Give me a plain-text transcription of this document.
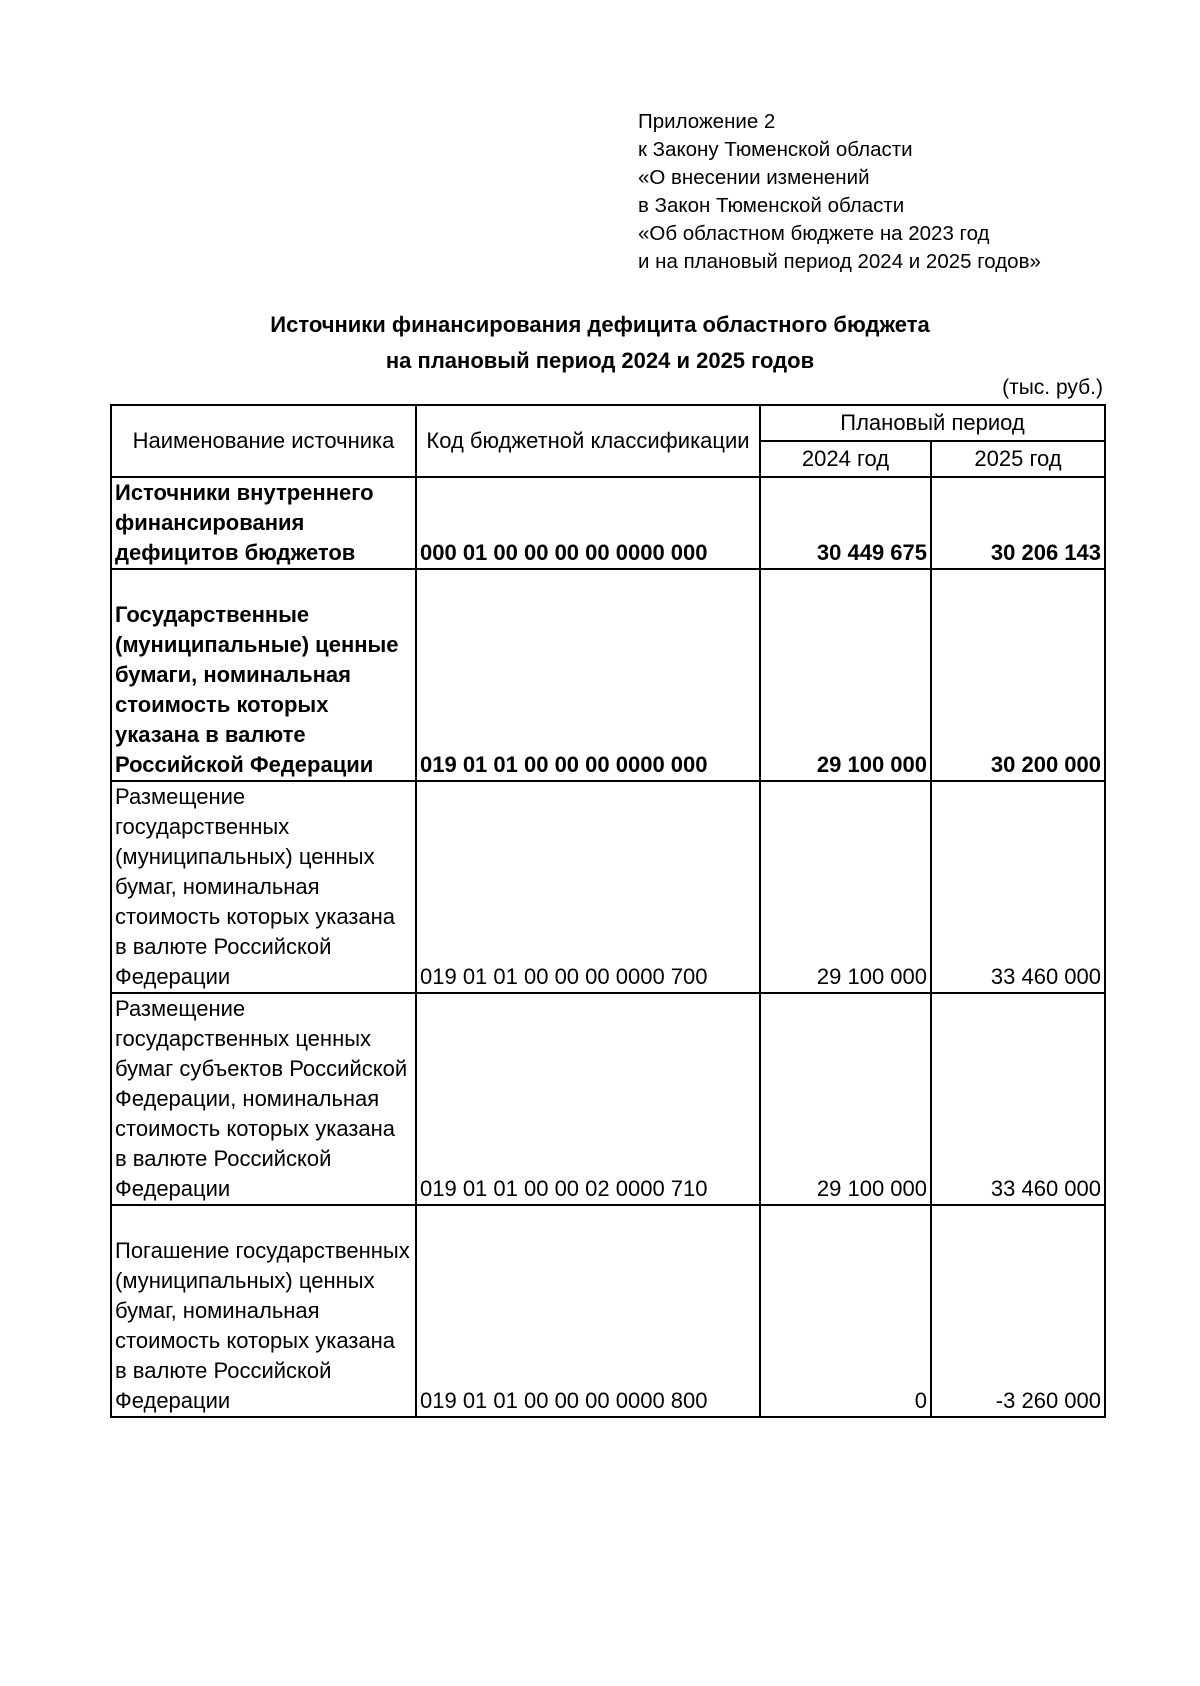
Приложение 2
к Закону Тюменской области
«О внесении изменений
в Закон Тюменской области
«Об областном бюджете на 2023 год
и на плановый период 2024 и 2025 годов»
Источники финансирования дефицита областного бюджета
на плановый период 2024 и 2025 годов
(тыс. руб.)
Наименование источника	Код бюджетной классификации	Плановый период	
		2024 год	2025 год
Источники внутреннего финансирования дефицитов бюджетов	000 01 00 00 00 00 0000 000	30 449 675	30 206 143
Государственные (муниципальные) ценные бумаги, номинальная стоимость которых указана в валюте Российской Федерации	019 01 01 00 00 00 0000 000	29 100 000	30 200 000
Размещение государственных (муниципальных) ценных бумаг, номинальная стоимость которых указана в валюте Российской Федерации	019 01 01 00 00 00 0000 700	29 100 000	33 460 000
Размещение государственных ценных бумаг субъектов Российской Федерации, номинальная стоимость которых указана в валюте Российской Федерации	019 01 01 00 00 02 0000 710	29 100 000	33 460 000
Погашение государственных (муниципальных) ценных бумаг, номинальная стоимость которых указана в валюте Российской Федерации	019 01 01 00 00 00 0000 800	0	-3 260 000
